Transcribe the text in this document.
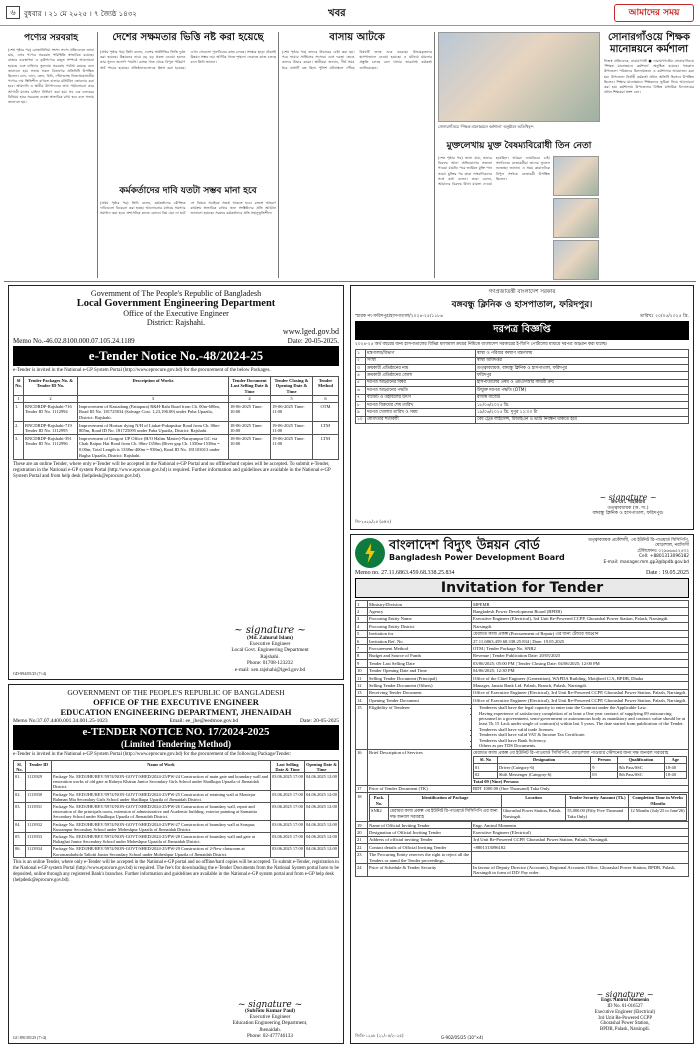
৬	বুধবার । ২১ মে ২০২৫ । ৭ জ্যৈষ্ঠ ১৪৩২	খবর	আমাদের সময়
পণ্যের সরবরাহ
(শেষ পৃষ্ঠার পর) রোজানিদিয়া সংসদ সদস্য প্রতিবেদনে জানা যায়, এসব পণ্যের সরবরাহ পরিস্থিতি স্বাভাবিক রয়েছে। বাজার ব্যবস্থাপনা ও কৃষিপণ্যের মজুত সম্পর্কে আলোচনা হয়েছে এবং চাহিদার তুলনায় সরবরাহ পর্যাপ্ত রয়েছে বলে জানানো হয়। সভায় সকল বিভাগের প্রতিনিধি উপস্থিত ছিলেন। চাল, ডাল, তেল, চিনি, পেঁয়াজসহ নিত্যপ্রয়োজনীয় পণ্যের দাম স্থিতিশীল রাখতে বাজার মনিটরিং জোরদার করা হবে। আমদানি ও স্থানীয় উৎপাদনের তথ্য পর্যালোচনা করে আগামী মাসের চাহিদা নির্ধারণ করা হয়। সব এক ডলারের বিনিময় হারে সরবরাহ ব্যবস্থা স্বাভাবিক রাখা হবে বলে সভায় জানানো হয়।
দেশের সক্ষমতার ভিত্তি নষ্ট করা হয়েছে
(প্রথম পৃষ্ঠার পর) তিনি বলেন, দেশের অর্থনীতির ভিত্তি দুর্বল করা হয়েছে। উন্নয়নের নামে বড় বড় প্রকল্প নেওয়া হলেও তার সুফল জনগণ পায়নি। ব্যাংক খাত থেকে বিপুল পরিমাণ অর্থ পাচার হয়েছে। প্রতিষ্ঠানগুলোকে ধ্বংস করা হয়েছে। এখন সেগুলো পুনর্গঠনের কাজ চলছে। সংস্কার ছাড়া টেকসই উন্নয়ন সম্ভব নয়। আর্থিক খাতে শৃঙ্খলা ফেরাতে কাজ চলছে বলে তিনি জানান।
কর্মকর্তাদের দাবি যতটা সম্ভব মানা হবে
(প্রথম পৃষ্ঠার পর) তিনি বলেন, কর্মকর্তাদের যৌক্তিক দাবিগুলো বিবেচনা করা হচ্ছে। আলোচনার মাধ্যমে সমস্যার সমাধান করা হবে। প্রশাসনিক কাজে কোনো বিঘ্ন যেন না ঘটে সে বিষয়ে সবাইকে সতর্ক থাকতে হবে। রাজস্ব আহরণ কার্যক্রম স্বাভাবিক রাখার জন্য সংশ্লিষ্টদের প্রতি আহ্বান জানানো হয়েছে। সরকার কর্মকর্তাদের প্রতি সহানুভূতিশীল।
বাসায় আটকে
(শেষ পৃষ্ঠার পর) তাদের উদ্ধারের চেষ্টা করা হয়। পরে ফায়ার সার্ভিসের সদস্যরা এসে দরজা ভেঙে তাদের উদ্ধার করেন। স্থানীয়রা জানান, দীর্ঘ সময় ধরে বাসাটি বন্ধ ছিল। পুলিশ ঘটনাস্থলে পৌঁছে বিষয়টি তদন্ত শুরু করেছে। উদ্ধারকৃতদের হাসপাতালে নেওয়া হয়েছে। এ ঘটনায় মামলার প্রস্তুতি চলছে বলে থানার ভারপ্রাপ্ত কর্মকর্তা জানিয়েছেন।
সোনারগাঁওয়ে ‘শিক্ষক মানোন্নয়নে কর্মশালা’ অনুষ্ঠানে অতিথিবৃন্দ
সোনারগাঁওয়ে শিক্ষক মানোন্নয়নে কর্মশালা
নিজস্ব প্রতিবেদক, নারায়ণগঞ্জ ● নারায়ণগঞ্জের সোনারগাঁওয়ে ‘শিক্ষক মানোন্নয়নে কর্মশালা’ অনুষ্ঠিত হয়েছে। গতকাল উপজেলা পরিষদের মিলনায়তনে এ কর্মশালার আয়োজন করা হয়। উপজেলা নির্বাহী কর্মকর্তা প্রধান অতিথি হিসেবে উপস্থিত ছিলেন। শিক্ষার মানোন্নয়নে শিক্ষকদের ভূমিকা নিয়ে আলোচনা করা হয়। কর্মশালায় উপজেলার বিভিন্ন মাধ্যমিক বিদ্যালয়ের প্রধান শিক্ষকরা অংশ নেন।
মুক্তলেখায় মুক্ত বৈষম্যবিরোধী তিন নেতা
(শেষ পৃষ্ঠার পর) জানা যায়, তাদের বিরুদ্ধে আনা অভিযোগের সত্যতা পাওয়া যায়নি। পরে জামিনে মুক্তি পান তারা। মুক্তির পর তারা সাংবাদিকদের সঙ্গে কথা বলেন। তারা বলেন, আমাদের বিরুদ্ধে মিথ্যা মামলা দেওয়া হয়েছিল। আমরা ন্যায়বিচার চাই। সংগঠনের নেতাকর্মীরা তাদের ফুলেল শুভেচ্ছা জানান। এ সময় কারাফটকে বিপুল সংখ্যক নেতাকর্মী উপস্থিত ছিলেন।
Government of The People's Republic of Bangladesh
Local Government Engineering Department
Office of the Executive Engineer
District: Rajshahi.
www.lged.gov.bd
Memo No.-46.02.8100.000.07.105.24.1189	Date: 20-05-2025.
e-Tender Notice No.-48/2024-25
e-Tender is invited in the National e-GP System Portal (http://www.eprocure.gov.bd) for the procurement of the below Packages.
Sl No.	Tender Packages No. & Tender ID No.	Description of Works	Tender Document Last Selling Date & Time	Tender Closing & Opening Date & Time	Tender Method
1	2	3	4	5	6
1.	RNCDRDP-Rajshahi-716 Tender ID No. 1112994	Improvement of Kasiadang (Fattapara) R&H-Rahi Road from Ch. 00m-600m, Road ID No. 181725034 (Salvage Cost: 1,23,196.00) under Puba Upazila, District: Rajshahi.	18-06-2025 Time: 10:00	19-06-2025 Time: 11:00	OTM
2.	RNCDRDP-Rajshahi-719 Tender ID No. 1112995	Improvement of Horisar dying N/H of Liakat-Pukapukur Road from Ch. 00m-805m, Road ID No. 181725095 under Paba Upazila, District: Rajshahi.	18-06-2025 Time: 10:00	19-06-2025 Time: 11:00	LTM
3.	RNCDRDP-Rajshahi-391 Tender ID No. 1112996	Improvement of Gorgori UP Office (H/O Halim Master)-Narayanpur GC via Chak Raipur Hat Road from Ch. 00m-1350m (River gap Ch. 1350m-1538m = 0.00m, Total Length is 1338m-400m = 938m), Road ID No. 181103013 under Bagha Upazila, District: Rajshahi.	18-06-2025 Time: 10:00	19-06-2025 Time: 11:00	LTM
These are an online Tender, where only e-Tender will be accepted in the National e-GP Portal and no offline/hard copies will be accepted. To submit e-Tender, registration in the National e-GP system Portal (http://www.eprocure.gov.bd) is required. Further information and guidelines are available in the National e-GP System Portal and from help desk (helpdesk@eprocure.gov.bd).
~ signature ~
(Md. Zahurul Islam)
Executive Engineer
Local Govt. Engineering Department
Rajshahi.
Phone: 01708-123232
e-mail: xen.rajshahi@lged.gov.bd
GD-894/05/25 (7×4)
GOVERNMENT OF THE PEOPLE'S REPUBLIC OF BANGLADESH
OFFICE OF THE EXECUTIVE ENGINEER
EDUCATION ENGINEERING DEPARTMENT, JHENAIDAH
Memo No:37.07.4400.001.34.001.25-1023	Email: ee_jhe@eedmoe.gov.bd	Date: 20-05-2025
e-TENDER NOTICE NO. 17/2024-2025
(Limited Tendering Method)
e-Tender is invited in the National e-GP System Portal (http://www.eprocure.gov.bd) for the procurement of the following Package/Tender:
Sl. No.	Tender ID	Name of Work	Last Selling Date & Time	Opening Date & Time
01.	1113929	Package No. EED/JHE/REV/5974/NON-GOVT/SHED/2024-25/PW-24 Construction of main gate and boundary wall and renovation works of old gate at Raheya Khatun Junior Secondary Girls School under Shailkupa Upazila of Jhenaidah District.	03.06.2025 17:00	04.06.2025 12:00
02.	1113930	Package No. EED/JHE/REV/5974/NON-GOVT/SHED/2024-25/PW-25 Construction of retaining wall at Montejar Rahman Mia Secondary Girls School under Shailkupa Upazila of Jhenaidah District.	03.06.2025 17:00	04.06.2025 12:00
03.	1113931	Package No. EED/JHE/REV/5974/NON-GOVT/SHED/2024-25/PW-26 Construction of boundary wall, repair and renovation of the principals room, extension of administrative and Academic building, exterior painting at Sarnantia Secondary School under Shailkupa Upazila of Jhenaidah District.	03.06.2025 17:00	04.06.2025 12:00
04.	1113932	Package No. EED/JHE/REV/5974/NON-GOVT/SHED/2024-25/PW-27 Construction of boundary wall at Sorupur, Kusrampur Secondary School under Moheshpur Upazila of Jhenaidah District.	03.06.2025 17:00	04.06.2025 12:00
05.	1113933	Package No. EED/JHE/REV/5974/NON-GOVT/SHED/2024-25/PW-28 Construction of boundary wall and gate at Baliaghat Junior Secondary School under Moheshpur Upazila of Jhenaidah District.	03.06.2025 17:00	04.06.2025 12:00
06.	1113934	Package No. EED/JHE/REV/5974/NON-GOVT/SHED/2024-25/PW-29 Construction of 2-New classroom at Koromandarhola Taltotti Junior Secondary School under Moheshpur Upazila of Jhenaidah District.	03.06.2025 17:00	04.06.2025 12:00
This is an online Tender, where only e-Tender will be accepted in the National e-GP portal and no offline/hard copies will be accepted. To submit e-Tender, registration in the National e-GP system Portal (http://www.eprocure.gov.bd) is required. The fee's for downloading the e-Tender Documents from the National System portal have to be deposited, online through any registered Bank's branches. Further information and guidelines are available in the National e-GP system portal and from e-GP help desk (helpdesk@eprocure.gov.bd).
~ signature ~
(Subroto Kumar Paul)
Executive Engineer
Education Engineering Department,
Jhenaidah.
Phone: 02-477746133
GC-891/05/25 (7×4)
গণপ্রজাতন্ত্রী বাংলাদেশ সরকার
বঙ্গবন্ধু ক্লিনিক ও হাসপাতাল, ফরিদপুর।
স্মারক নং-ফরিদপুর/হাসপাতাল/২০২৪-২৫/১১৮৬	তারিখঃ ২০/০৫/২০২৫ খ্রি.
দরপত্র বিজ্ঞপ্তি
২০২৪-২৫ অর্থ বছরের জন্য হাসপাতালের বিভিন্ন মালামাল ক্রয়ের নিমিত্তে বাংলাদেশ সরকারের ই-জিপি পোর্টালের মাধ্যমে দরপত্র আহ্বান করা যাচ্ছে।
১	মন্ত্রণালয়/বিভাগ	স্বাস্থ্য ও পরিবার কল্যাণ মন্ত্রণালয়
২	সংস্থা	স্বাস্থ্য অধিদপ্তর
৩	ক্রয়কারী প্রতিষ্ঠানের নাম	তত্ত্বাবধায়ক, বঙ্গবন্ধু ক্লিনিক ও হাসপাতাল, ফরিদপুর
৪	ক্রয়কারী প্রতিষ্ঠানের জেলা	ফরিদপুর
৫	দরপত্র আহ্বানের বিষয়	হাসপাতালের ঔষধ ও এমএসআর সামগ্রী ক্রয়
৬	দরপত্র আহ্বানের পদ্ধতি	উন্মুক্ত দরপত্র পদ্ধতি (OTM)
৭	বাজেট ও তহবিলের উৎস	রাজস্ব বাজেট
৮	দরপত্র বিক্রয়ের শেষ তারিখ	১৮/০৬/২০২৫ খ্রি.
৯	দরপত্র খোলার তারিখ ও সময়	১৯/০৬/২০২৫ খ্রি. দুপুর ১২:০০ টা
১০	যোগ্যতার শর্তাবলী	বৈধ ট্রেড লাইসেন্স, টিআইএন ও ভ্যাট নিবন্ধন থাকতে হবে
~ signature ~
ডা. মো. শাহরিয়ার
তত্ত্বাবধায়ক (অ. দা.)
বঙ্গবন্ধু ক্লিনিক ও হাসপাতাল, ফরিদপুর।
জি-২৩২৯/২৫ (৬×৪)
বাংলাদেশ বিদ্যুৎ উন্নয়ন বোর্ড
Bangladesh Power Development Board
তত্ত্বাবধায়ক প্রকৌশলী, ৩য় ইউনিট রি-পাওয়ার্ড সিসিপিপি, ঘোড়াশাল, নরসিংদী
টেলিফোনঃ ০২৯৬৬৬৫২৫৩২
Cell: +8801313096182
E-mail: manager.mm.gp3@bpdb.gov.bd
Memo no. 27.11.6863.459.68.338.25.834	Date : 19.05.2025
Invitation for Tender
1	Ministry/Division	MPEMR
2	Agency	Bangladesh Power Development Board (BPDB)
3	Procuring Entity Name	Executive Engineer (Electrical), 3rd Unit Re-Powered CCPP, Ghorashal Power Station, Palash, Narsingdi.
4	Procuring Entity District	Narsingdi.
5	Invitation for	মেরামত কাজ প্রকল্প (Procurement of Repair) এর জন্য টেন্ডার আহ্বান
6	Invitation Ref. No.	27.11.6863.459.68.338.25.834 | Date: 19.05.2025
7	Procurement Method	OTM | Tender Package No. SNR2
8	Budget and Source of Funds	Revenue | Tender Publication Date: 20/05/2025
9	Tender Last Selling Date	03/06/2025; 05:00 PM | Tender Closing Date: 04/06/2025; 12:00 PM
10	Tender Opening Date and Time	04/06/2025; 12:30 PM
11	Selling Tender Document (Principal)	Office of the Chief Engineer (Generation), WAPDA Building, Motijheel C/A, BPDB, Dhaka
12	Selling Tender Document (Others)	Manager, Janata Bank Ltd. Palash, Branch, Palash, Narsingdi.
13	Receiving Tender Document	Office of Executive Engineer (Electrical), 3rd Unit Re-Powered CCPP, Ghorashal Power Station, Palash, Narsingdi.
14	Opening Tender Document	Office of Executive Engineer (Electrical), 3rd Unit Re-Powered CCPP, Ghorashal Power Station, Palash, Narsingdi.
15	Eligibility of Tenderer	
•Tenderers shall have the legal capacity to enter into the Contract under the Applicable Law.
• Having experience of satisfactory completion of at least a One year contract of supplying 09 outsourcing personnel in a government, semi-government or autonomous body as mandatory and contract value should be at least Tk 15 Lack under single of contract(s) within last 5 years. The date started from publication of the Tender.
• Tenderers shall have valid trade licenses.
• Tenderers shall have valid VAT & Income Tax Certificate.
• Tenderers shall have Bank Solvency.
• Others as per TDS Documents.

16	Brief Description of Services	মেরামত কাজ প্রকল্প ৩য় ইউনিট রি-পাওয়ার্ড সিসিপিপি, ঘোড়াশাল পাওয়ার স্টেশনের জন্য দক্ষ জনবল সরবরাহ
Sl. No	Designation	Person	Qualification	Age
01	Driver (Category-6)	9	8th Pass/SSC	18-40
02	Shift Messenger (Category-6)	03	8th Pass/SSC	18-40
Total 09 (Nine) Persons

17	Price of Tender Document (TK)	BDT 1000.00 (One Thousand) Taka Only.
18		Pack. No.	Identification of Package	Location	Tender Security Amount (Tk.)	Completion Time in Weeks /Months
SNR2	মেরামত কাজ প্রকল্প ৩য় ইউনিট রি-পাওয়ার্ড সিসিপিপি এর জন্য দক্ষ জনবল সরবরাহ	Ghorashal Power Station, Palash, Narsingdi.	55,000.00 (Fifty Five Thousand Taka Only)	12 Months (July'25 to June'26)

19	Name of Official Inviting Tender	Engr. Amirul Momenin
20	Designation of Official Inviting Tender	Executive Engineer (Electrical)
21	Address of official inviting Tender	3rd Unit Re-Powered CCPP, Ghorashal Power Station, Palash, Narsingdi.
22	Contact details of Official Inviting Tender	+8801313096182
23	The Procuring Entity reserves the right to reject all the Tenders or annul the Tender proceedings.	
24	Price of Schedule & Tender Security	In favour of Deputy Director (Accounts), Regional Accounts Office, Ghorashal Power Station, BPDB, Palash, Narsingdi in form of DD/ Pay order.
~ signature ~
Engr. Amirul Momenin
ID No. 01-016527
Executive Engineer (Electrical)
3rd Unit Re-Powered CCPP
Ghorashal Power Station,
BPDB, Palash, Narsingdi.
জিডি-১২৯৮ (২১/০৫/২০২৫)	G-902/05/25 (10"×4)
